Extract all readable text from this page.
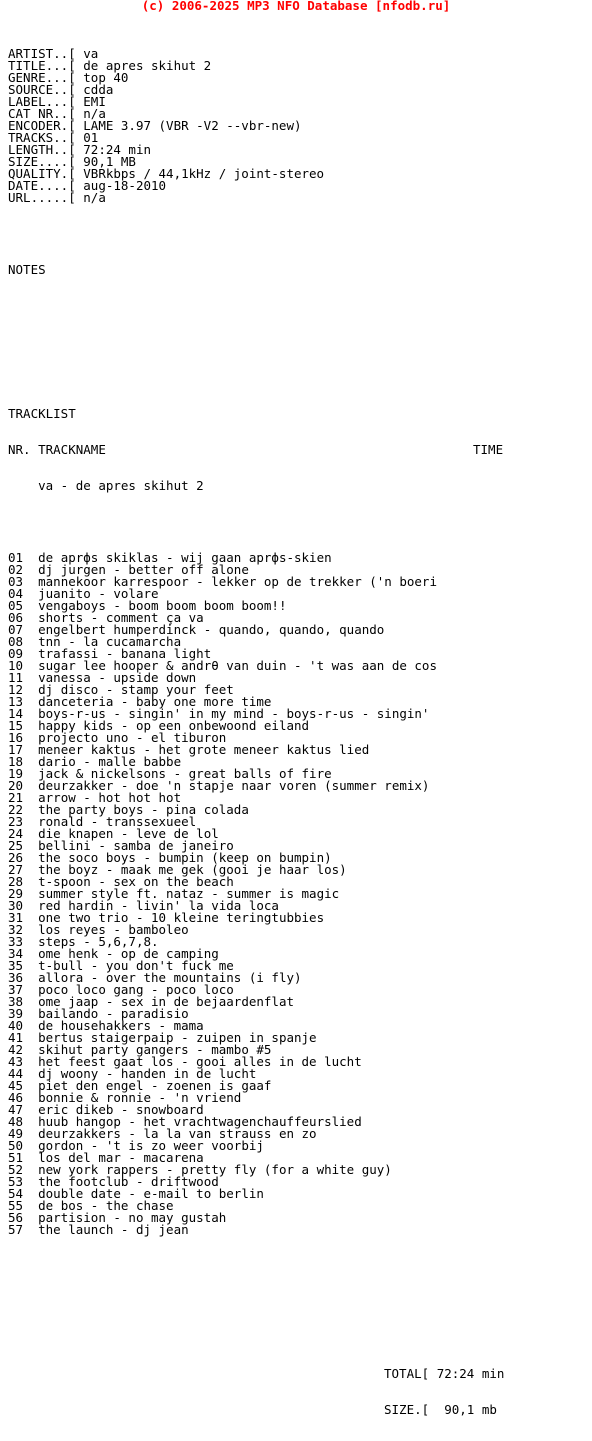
(c) 2006-2025 MP3 NFO Database [nfodb.ru]

ARTIST..[ va
TITLE...[ de apres skihut 2
GENRE...[ top 40
SOURCE..[ cdda
LABEL...[ EMI
CAT NR..[ n/a
ENCODER.[ LAME 3.97 (VBR -V2 --vbr-new)
TRACKS..[ 01
LENGTH..[ 72:24 min
SIZE....[ 90,1 MB
QUALITY.[ VBRkbps / 44,1kHz / joint-stereo
DATE....[ aug-18-2010
URL.....[ n/a

NOTES

TRACKLIST

NR. TRACKNAME	TIME

va - de apres skihut 2

01 de aprфs skiklas - wij gaan aprфs-skien
02 dj jurgen - better off alone
03 mannekoor karrespoor - lekker op de trekker ('n boeri
04 juanito - volare
05 vengaboys - boom boom boom boom!!
06 shorts - comment ҫa va
07 engelbert humperdinck - quando, quando, quando
08 tnn - la cucamarcha
09 trafassi - banana light
10 sugar lee hooper & andrθ van duin - 't was aan de cos
11 vanessa - upside down
12 dj disco - stamp your feet
13 danceteria - baby one more time
14 boys-r-us - singin' in my mind - boys-r-us - singin'
15 happy kids - op een onbewoond eiland
16 projecto uno - el tiburon
17 meneer kaktus - het grote meneer kaktus lied
18 dario - malle babbe
19 jack & nickelsons - great balls of fire
20 deurzakker - doe 'n stapje naar voren (summer remix)
21 arrow - hot hot hot
22 the party boys - pina colada
23 ronald - transsexueel
24 die knapen - leve de lol
25 bellini - samba de janeiro
26 the soco boys - bumpin (keep on bumpin)
27 the boyz - maak me gek (gooi je haar los)
28 t-spoon - sex on the beach
29 summer style ft. nataz - summer is magic
30 red hardin - livin' la vida loca
31 one two trio - 10 kleine teringtubbies
32 los reyes - bamboleo
33 steps - 5,6,7,8.
34 ome henk - op de camping
35 t-bull - you don't fuck me
36 allora - over the mountains (i fly)
37 poco loco gang - poco loco
38 ome jaap - sex in de bejaardenflat
39 bailando - paradisio
40 de househakkers - mama
41 bertus staigerpaip - zuipen in spanje
42 skihut party gangers - mambo #5
43 het feest gaat los - gooi alles in de lucht
44 dj woony - handen in de lucht
45 piet den engel - zoenen is gaaf
46 bonnie & ronnie - 'n vriend
47 eric dikeb - snowboard
48 huub hangop - het vrachtwagenchauffeurslied
49 deurzakkers - la la van strauss en zo
50 gordon - 't is zo weer voorbij
51 los del mar - macarena
52 new york rappers - pretty fly (for a white guy)
53 the footclub - driftwood
54 double date - e-mail to berlin
55 de bos - the chase
56 partision - no may gustah
57 the launch - dj jean

TOTAL[ 72:24 min

SIZE.[  90,1 mb
